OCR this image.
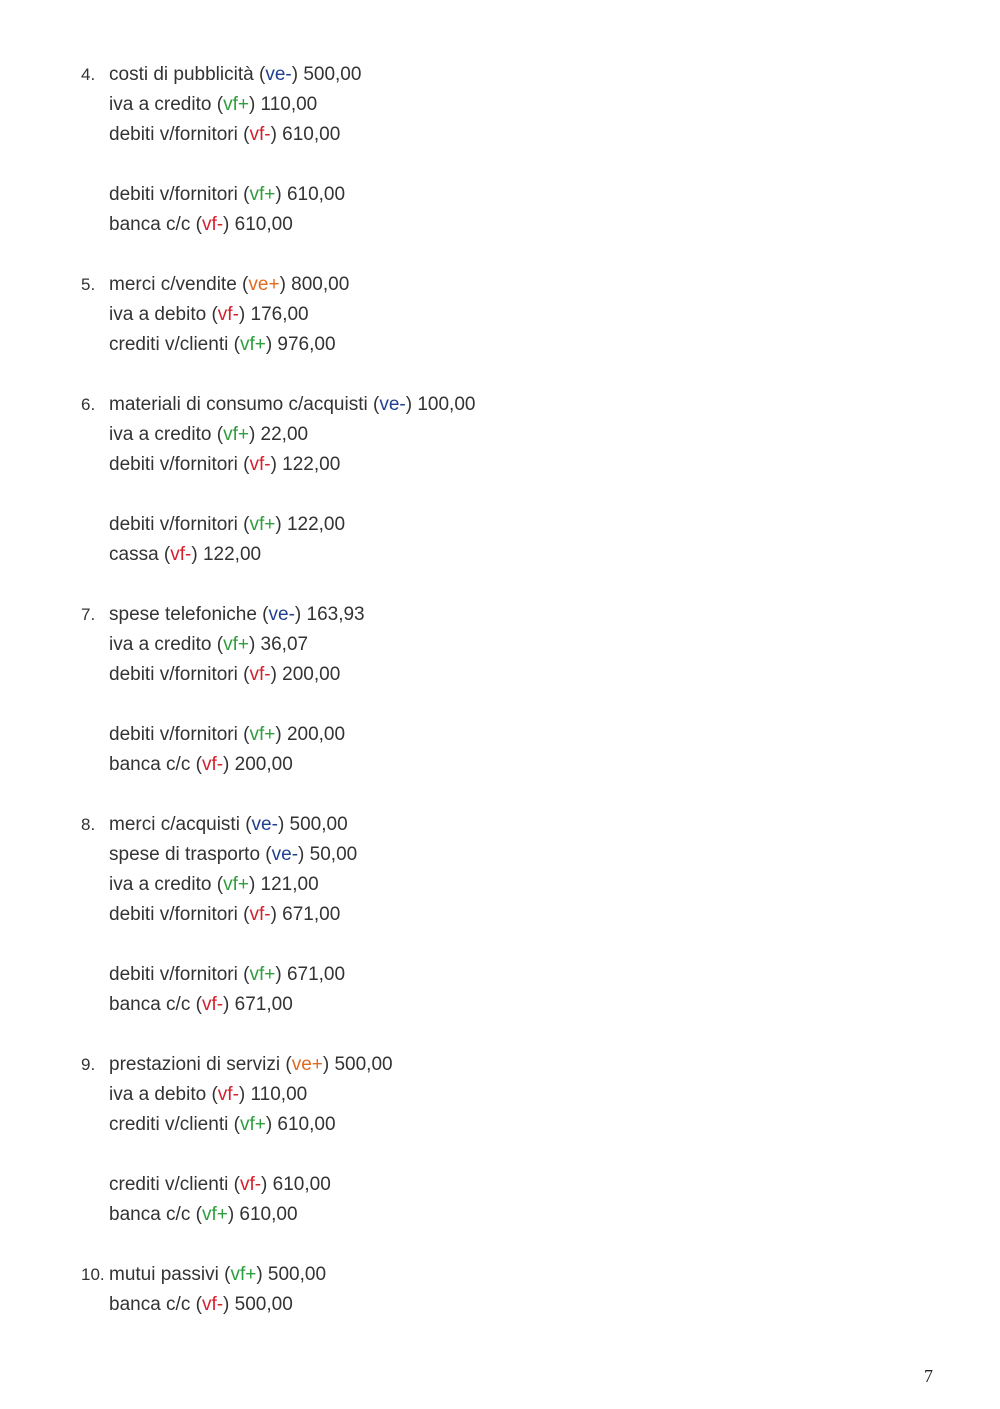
4. costi di pubblicità (ve-) 500,00
iva a credito (vf+) 110,00
debiti v/fornitori (vf-) 610,00
debiti v/fornitori (vf+) 610,00
banca c/c (vf-) 610,00
5. merci c/vendite (ve+) 800,00
iva a debito (vf-) 176,00
crediti v/clienti (vf+) 976,00
6. materiali di consumo c/acquisti (ve-) 100,00
iva a credito (vf+) 22,00
debiti v/fornitori (vf-) 122,00
debiti v/fornitori (vf+) 122,00
cassa (vf-) 122,00
7. spese telefoniche (ve-) 163,93
iva a credito (vf+) 36,07
debiti v/fornitori (vf-) 200,00
debiti v/fornitori (vf+) 200,00
banca c/c (vf-) 200,00
8. merci c/acquisti (ve-) 500,00
spese di trasporto (ve-) 50,00
iva a credito (vf+) 121,00
debiti v/fornitori (vf-) 671,00
debiti v/fornitori (vf+) 671,00
banca c/c (vf-) 671,00
9. prestazioni di servizi (ve+) 500,00
iva a debito (vf-) 110,00
crediti v/clienti (vf+) 610,00
crediti v/clienti (vf-) 610,00
banca c/c (vf+) 610,00
10. mutui passivi (vf+) 500,00
banca c/c (vf-) 500,00
7
